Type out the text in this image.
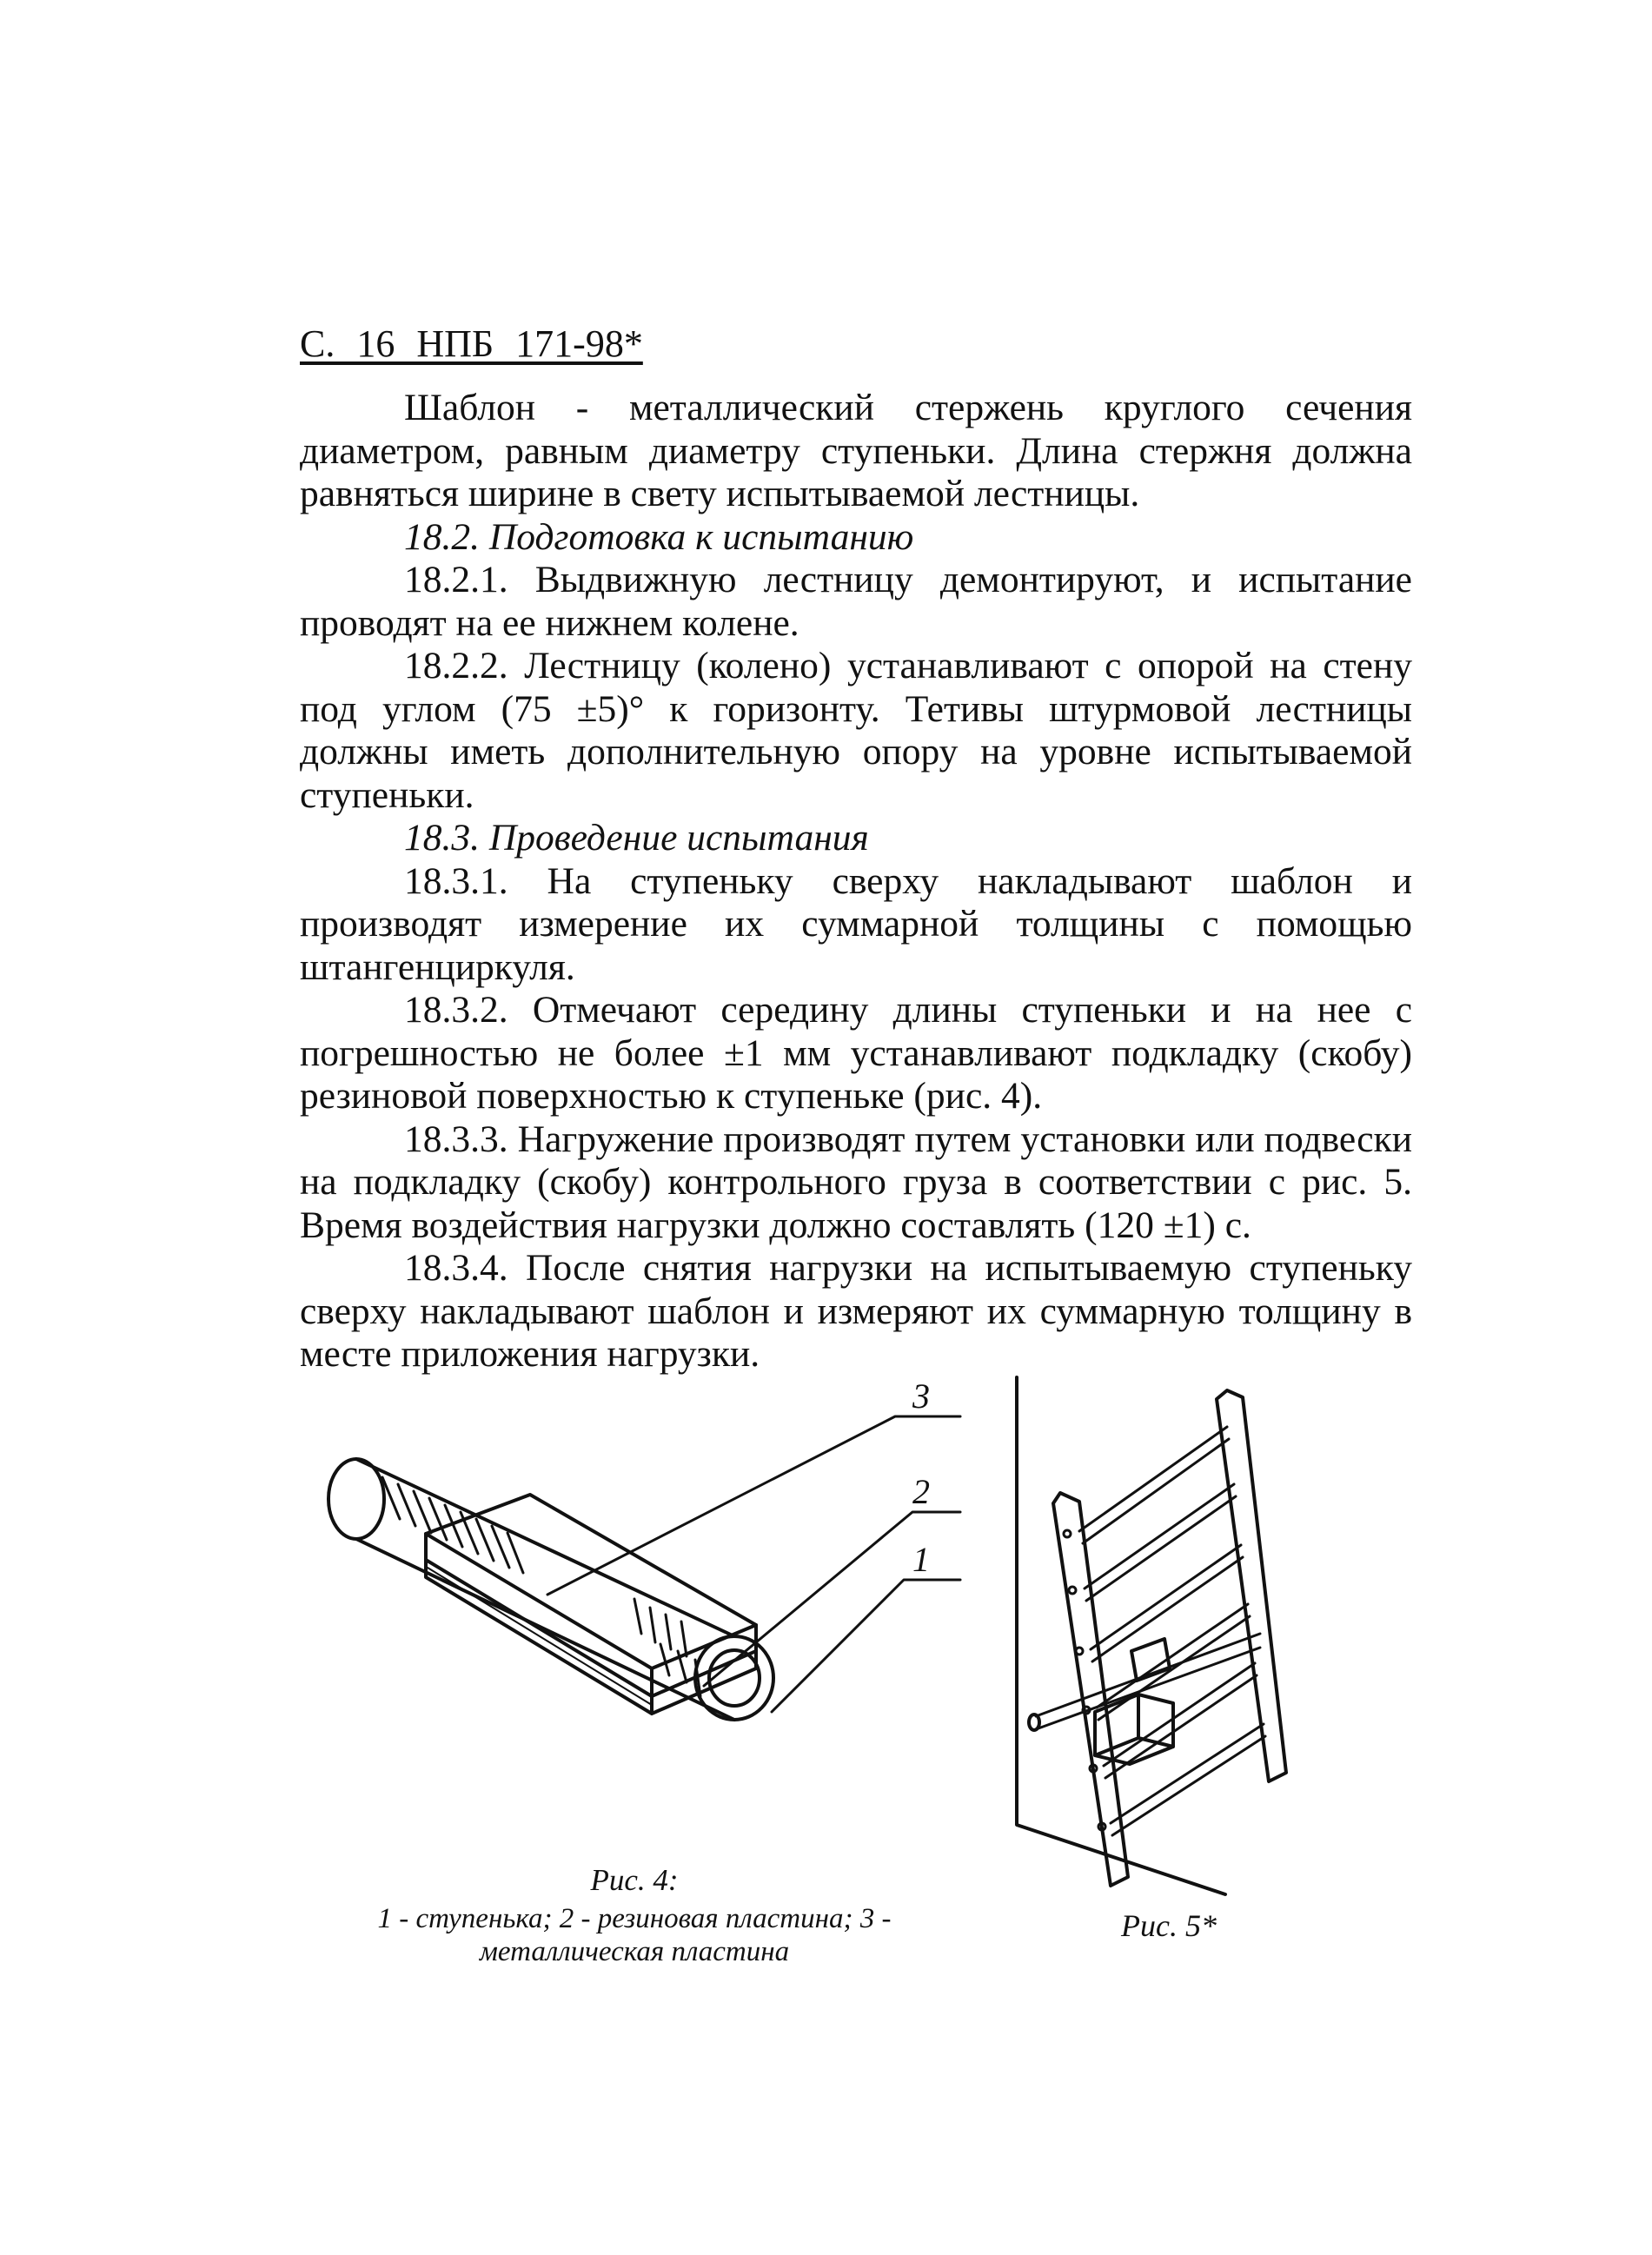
С. 16 НПБ 171-98*

Шаблон - металлический стержень круглого сечения диаметром, равным диаметру ступеньки. Длина стержня должна равняться ширине в свету испытываемой лестницы.

18.2. Подготовка к испытанию

18.2.1. Выдвижную лестницу демонтируют, и испытание проводят на ее нижнем колене.

18.2.2. Лестницу (колено) устанавливают с опорой на стену под углом (75 ±5)° к горизонту. Тетивы штурмовой лестницы должны иметь дополнительную опору на уровне испытываемой ступеньки.

18.3. Проведение испытания

18.3.1. На ступеньку сверху накладывают шаблон и производят измерение их суммарной толщины с помощью штангенциркуля.

18.3.2. Отмечают середину длины ступеньки и на нее с погрешностью не более ±1 мм устанавливают подкладку (скобу) резиновой поверхностью к ступеньке (рис. 4).

18.3.3. Нагружение производят путем установки или подвески на подкладку (скобу) контрольного груза в соответствии с рис. 5. Время воздействия нагрузки должно составлять (120 ±1) с.

18.3.4. После снятия нагрузки на испытываемую ступеньку сверху накладывают шаблон и измеряют их суммарную толщину в месте приложения нагрузки.

3
2
1
Рис. 4:
1 - ступенька; 2 - резиновая пластина; 3 - металлическая пластина
Рис. 5*
